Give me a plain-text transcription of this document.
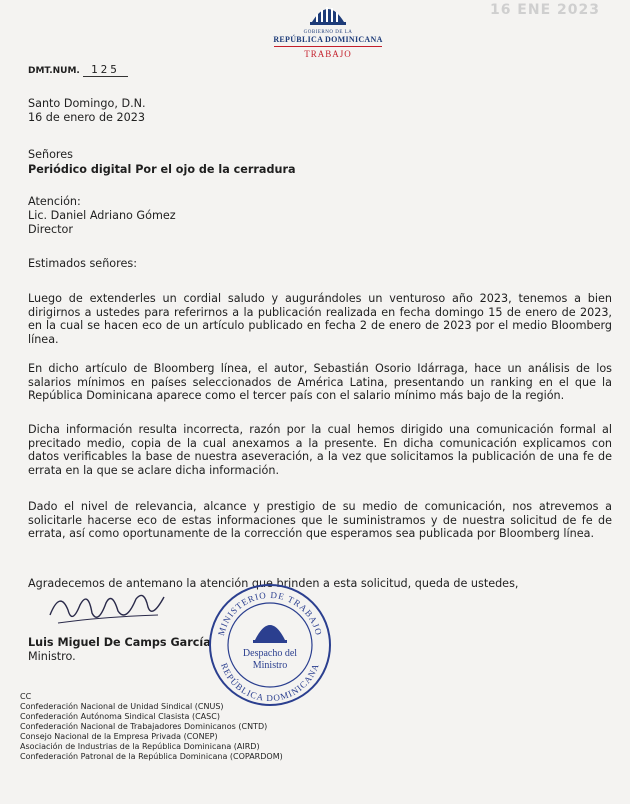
16 ENE 2023
GOBIERNO DE LA
REPÚBLICA DOMINICANA
TRABAJO
DMT.NUM. 125
Santo Domingo, D.N.
16 de enero de 2023
Señores
Periódico digital Por el ojo de la cerradura
Atención:
Lic. Daniel Adriano Gómez
Director
Estimados señores:
Luego de extenderles un cordial saludo y augurándoles un venturoso año 2023, tenemos a bien dirigirnos a ustedes para referirnos a la publicación realizada en fecha domingo 15 de enero de 2023, en la cual se hacen eco de un artículo publicado en fecha 2 de enero de 2023 por el medio Bloomberg línea.
En dicho artículo de Bloomberg línea, el autor, Sebastián Osorio Idárraga, hace un análisis de los salarios mínimos en países seleccionados de América Latina, presentando un ranking en el que la República Dominicana aparece como el tercer país con el salario mínimo más bajo de la región.
Dicha información resulta incorrecta, razón por la cual hemos dirigido una comunicación formal al precitado medio, copia de la cual anexamos a la presente. En dicha comunicación explicamos con datos verificables la base de nuestra aseveración, a la vez que solicitamos la publicación de una fe de errata en la que se aclare dicha información.
Dado el nivel de relevancia, alcance y prestigio de su medio de comunicación, nos atrevemos a solicitarle hacerse eco de estas informaciones que le suministramos y de nuestra solicitud de fe de errata, así como oportunamente de la corrección que esperamos sea publicada por Bloomberg línea.
Agradecemos de antemano la atención que brinden a esta solicitud, queda de ustedes,
Luis Miguel De Camps García
Ministro.
MINISTERIO DE TRABAJO
REPÚBLICA DOMINICANA
Despacho del
Ministro
CC
Confederación Nacional de Unidad Sindical (CNUS)
Confederación Autónoma Sindical Clasista (CASC)
Confederación Nacional de Trabajadores Dominicanos (CNTD)
Consejo Nacional de la Empresa Privada (CONEP)
Asociación de Industrias de la República Dominicana (AIRD)
Confederación Patronal de la República Dominicana (COPARDOM)
